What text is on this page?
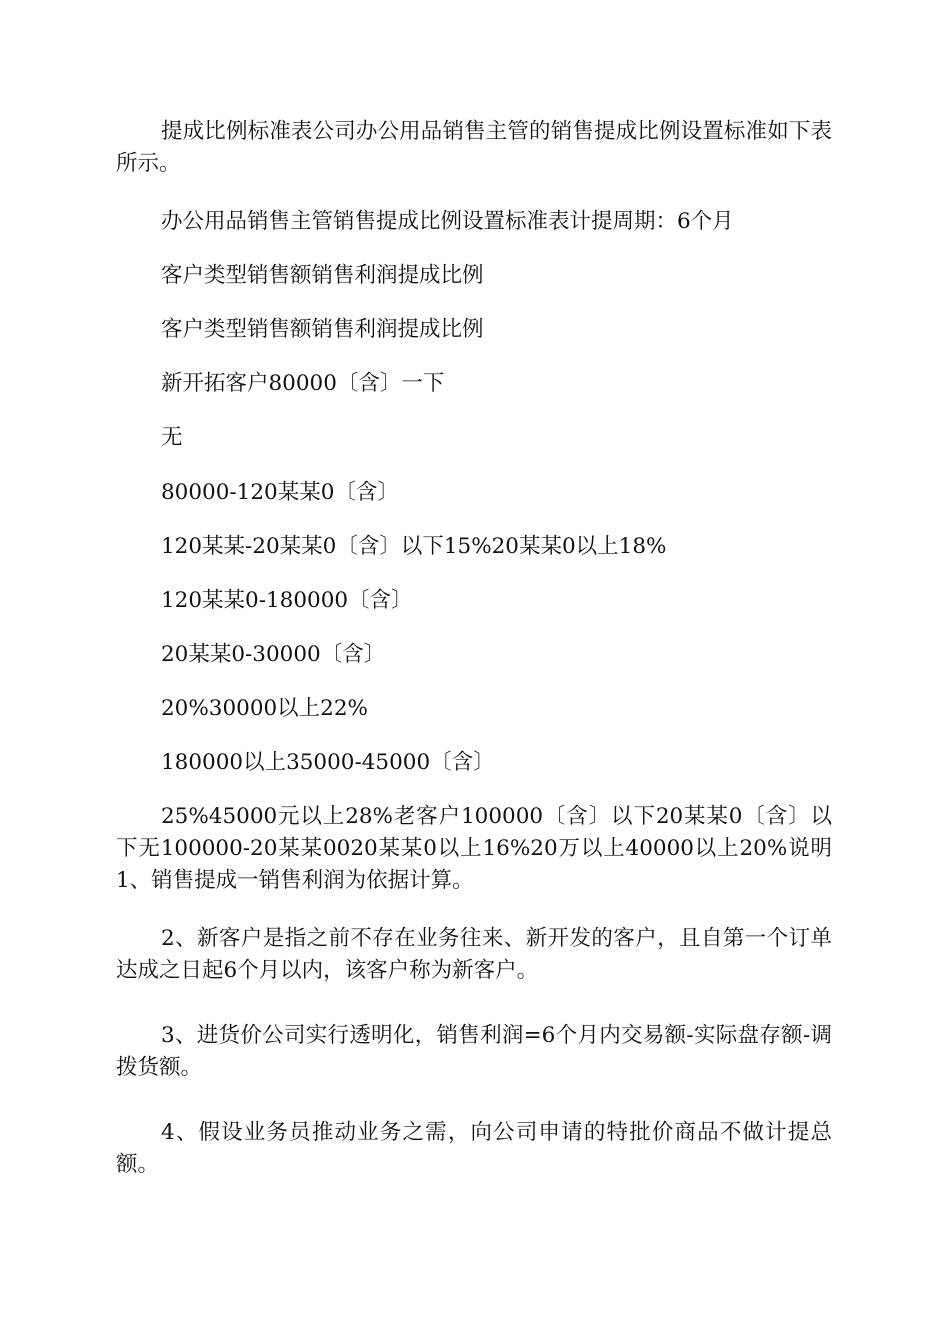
提成比例标准表公司办公用品销售主管的销售提成比例设置标准如下表所示。

办公用品销售主管销售提成比例设置标准表计提周期：6个月

客户类型销售额销售利润提成比例

客户类型销售额销售利润提成比例

新开拓客户80000〔含〕一下

无

80000-120某某0〔含〕

120某某-20某某0〔含〕以下15%20某某0以上18%

120某某0-180000〔含〕

20某某0-30000〔含〕

20%30000以上22%

180000以上35000-45000〔含〕

25%45000元以上28%老客户100000〔含〕以下20某某0〔含〕以下无100000-20某某0020某某0以上16%20万以上40000以上20%说明1、销售提成一销售利润为依据计算。

2、新客户是指之前不存在业务往来、新开发的客户，且自第一个订单达成之日起6个月以内，该客户称为新客户。

3、进货价公司实行透明化，销售利润=6个月内交易额-实际盘存额-调拨货额。

4、假设业务员推动业务之需，向公司申请的特批价商品不做计提总额。
